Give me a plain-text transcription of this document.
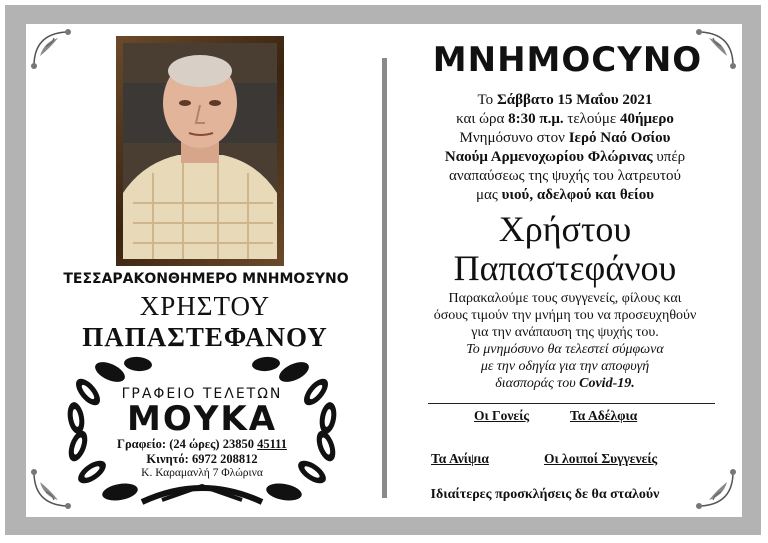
ΤΕΣΣΑΡΑΚΟΝΘΗΜΕΡΟ ΜΝΗΜΟΣΥΝΟ
ΧΡΗΣΤΟΥ
ΠΑΠΑΣΤΕΦΑΝΟΥ
ΓΡΑΦΕΙΟ ΤΕΛΕΤΩΝ
ΜΟΥΚΑ
Γραφείο: (24 ώρες) 23850 45111
Κινητό: 6972 208812
Κ. Καραμανλή 7 Φλώρινα
ΜΝΗΜΟCΥΝΟ
Το Σάββατο 15 Μαΐου 2021
και ώρα 8:30 π.μ. τελούμε 40ήμερο
Μνημόσυνο στον Ιερό Ναό Οσίου
Ναούμ Αρμενοχωρίου Φλώρινας υπέρ
αναπαύσεως της ψυχής του λατρευτού
μας υιού, αδελφού και θείου
Χρήστου
Παπαστεφάνου
Παρακαλούμε τους συγγενείς, φίλους και
όσους τιμούν την μνήμη του να προσευχηθούν
για την ανάπαυση της ψυχής του.
Το μνημόσυνο θα τελεστεί σύμφωνα
με την οδηγία για την αποφυγή
διασποράς του Covid-19.
Οι Γονείς	Τα Αδέλφια
Τα Ανίψια	Οι λοιποί Συγγενείς
Ιδιαίτερες προσκλήσεις δε θα σταλούν
